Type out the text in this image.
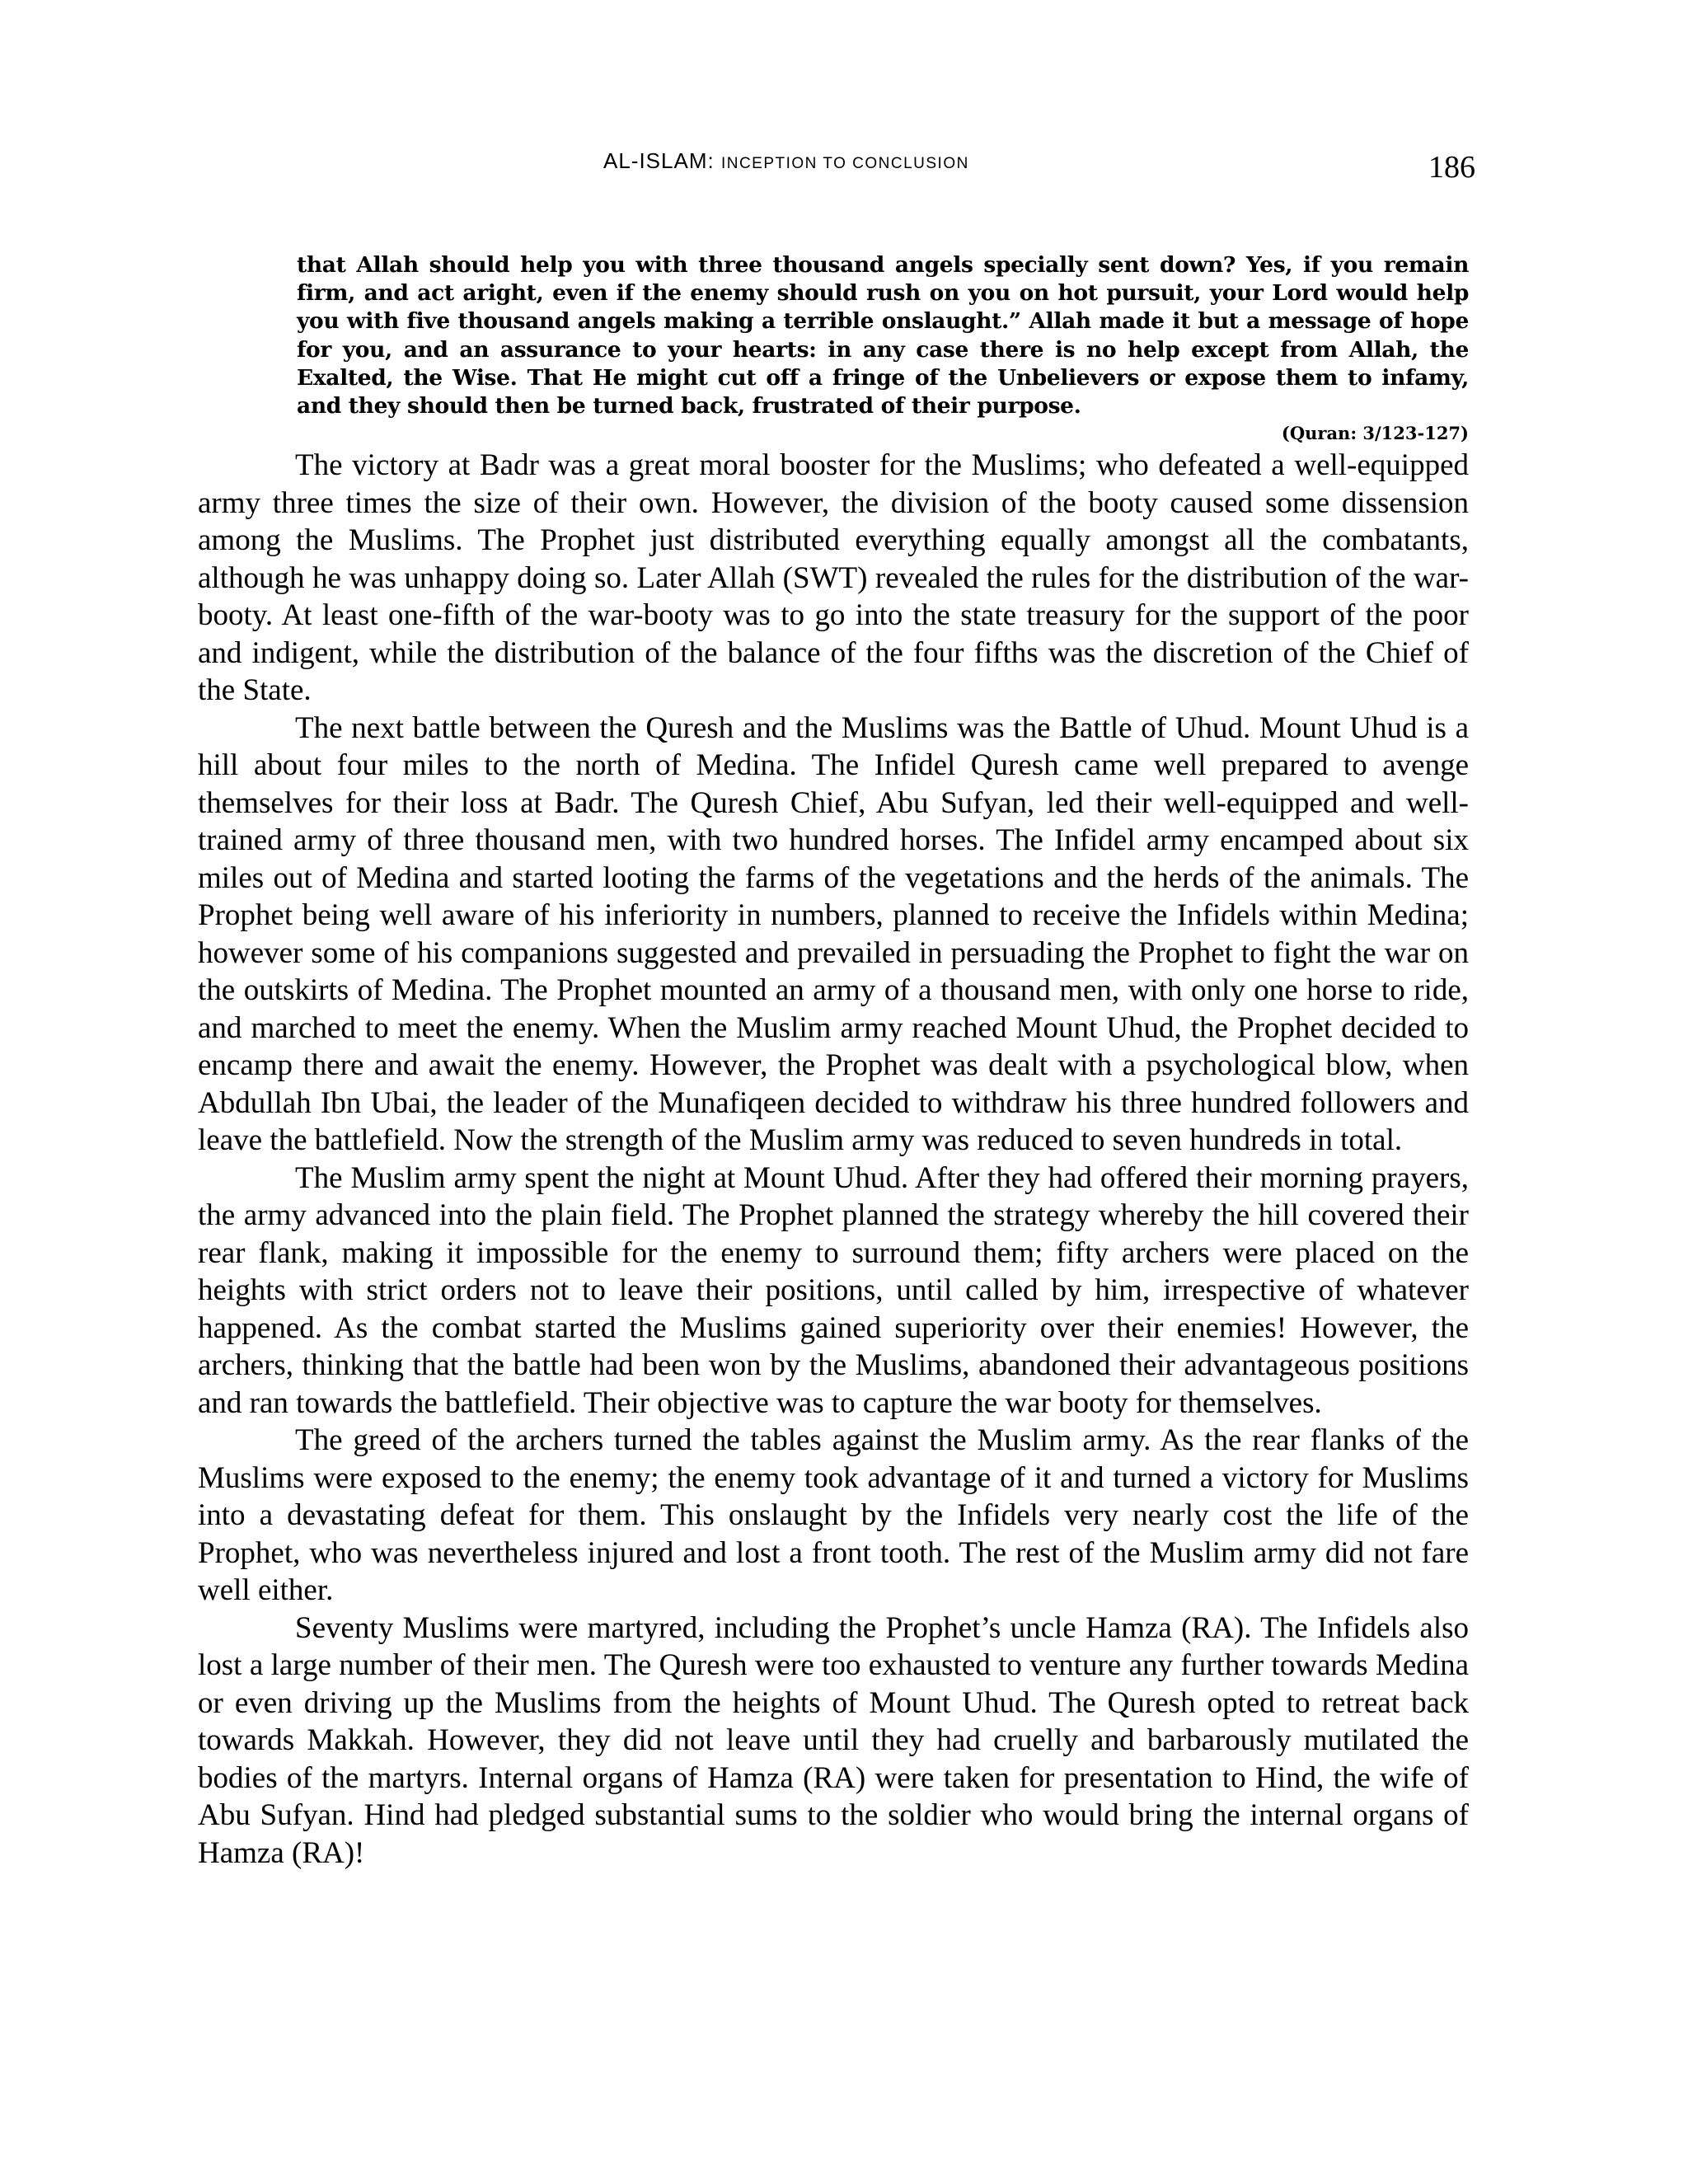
AL-ISLAM: INCEPTION TO CONCLUSION	186

that Allah should help you with three thousand angels specially sent down? Yes, if you remain firm, and act aright, even if the enemy should rush on you on hot pursuit, your Lord would help you with five thousand angels making a terrible onslaught.” Allah made it but a message of hope for you, and an assurance to your hearts: in any case there is no help except from Allah, the Exalted, the Wise. That He might cut off a fringe of the Unbelievers or expose them to infamy, and they should then be turned back, frustrated of their purpose.

(Quran: 3/123-127)

The victory at Badr was a great moral booster for the Muslims; who defeated a well-equipped army three times the size of their own. However, the division of the booty caused some dissension among the Muslims. The Prophet just distributed everything equally amongst all the combatants, although he was unhappy doing so. Later Allah (SWT) revealed the rules for the distribution of the war-booty. At least one-fifth of the war-booty was to go into the state treasury for the support of the poor and indigent, while the distribution of the balance of the four fifths was the discretion of the Chief of the State.

The next battle between the Quresh and the Muslims was the Battle of Uhud. Mount Uhud is a hill about four miles to the north of Medina. The Infidel Quresh came well prepared to avenge themselves for their loss at Badr. The Quresh Chief, Abu Sufyan, led their well-equipped and well-trained army of three thousand men, with two hundred horses. The Infidel army encamped about six miles out of Medina and started looting the farms of the vegetations and the herds of the animals. The Prophet being well aware of his inferiority in numbers, planned to receive the Infidels within Medina; however some of his companions suggested and prevailed in persuading the Prophet to fight the war on the outskirts of Medina. The Prophet mounted an army of a thousand men, with only one horse to ride, and marched to meet the enemy. When the Muslim army reached Mount Uhud, the Prophet decided to encamp there and await the enemy. However, the Prophet was dealt with a psychological blow, when Abdullah Ibn Ubai, the leader of the Munafiqeen decided to withdraw his three hundred followers and leave the battlefield. Now the strength of the Muslim army was reduced to seven hundreds in total.

The Muslim army spent the night at Mount Uhud. After they had offered their morning prayers, the army advanced into the plain field. The Prophet planned the strategy whereby the hill covered their rear flank, making it impossible for the enemy to surround them; fifty archers were placed on the heights with strict orders not to leave their positions, until called by him, irrespective of whatever happened. As the combat started the Muslims gained superiority over their enemies! However, the archers, thinking that the battle had been won by the Muslims, abandoned their advantageous positions and ran towards the battlefield. Their objective was to capture the war booty for themselves.

The greed of the archers turned the tables against the Muslim army. As the rear flanks of the Muslims were exposed to the enemy; the enemy took advantage of it and turned a victory for Muslims into a devastating defeat for them. This onslaught by the Infidels very nearly cost the life of the Prophet, who was nevertheless injured and lost a front tooth. The rest of the Muslim army did not fare well either.

Seventy Muslims were martyred, including the Prophet’s uncle Hamza (RA). The Infidels also lost a large number of their men. The Quresh were too exhausted to venture any further towards Medina or even driving up the Muslims from the heights of Mount Uhud. The Quresh opted to retreat back towards Makkah. However, they did not leave until they had cruelly and barbarously mutilated the bodies of the martyrs. Internal organs of Hamza (RA) were taken for presentation to Hind, the wife of Abu Sufyan. Hind had pledged substantial sums to the soldier who would bring the internal organs of Hamza (RA)!
